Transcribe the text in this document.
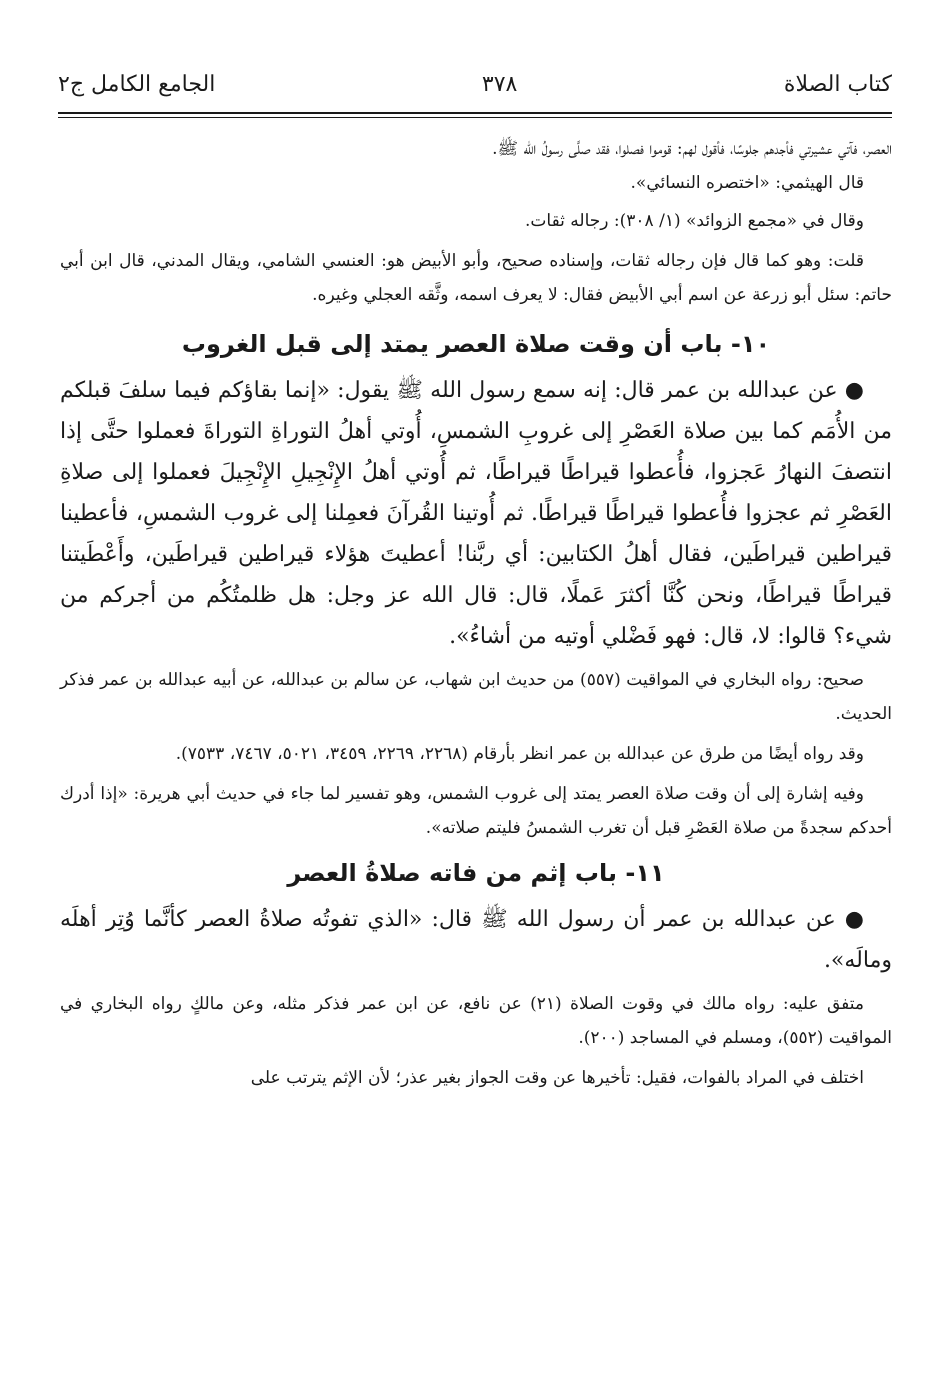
كتاب الصلاة
٣٧٨
الجامع الكامل ج٢

العصر، فآتي عشيرتي فأجدهم جلوسًا، فأقول لهم: قوموا فصلوا، فقد صلَّى رسولُ الله ﷺ.

قال الهيثمي: «اختصره النسائي».

وقال في «مجمع الزوائد» (١/ ٣٠٨): رجاله ثقات.

قلت: وهو كما قال فإن رجاله ثقات، وإسناده صحيح، وأبو الأبيض هو: العنسي الشامي، ويقال المدني، قال ابن أبي حاتم: سئل أبو زرعة عن اسم أبي الأبيض فقال: لا يعرف اسمه، وثَّقه العجلي وغيره.

١٠- باب أن وقت صلاة العصر يمتد إلى قبل الغروب

● عن عبدالله بن عمر قال: إنه سمع رسول الله ﷺ يقول: «إنما بقاؤكم فيما سلفَ قبلكم من الأُمَم كما بين صلاة العَصْرِ إلى غروبِ الشمسِ، أُوتي أهلُ التوراةِ التوراةَ فعملوا حتَّى إذا انتصفَ النهارُ عَجزوا، فأُعطوا قيراطًا قيراطًا، ثم أُوتي أهلُ الإِنْجِيلِ الإِنْجِيلَ فعملوا إلى صلاةِ العَصْرِ ثم عجزوا فأُعطوا قيراطًا قيراطًا. ثم أُوتينا القُرآنَ فعمِلنا إلى غروب الشمسِ، فأعطينا قيراطين قيراطَين، فقال أهلُ الكتابين: أي ربَّنا! أعطيتَ هؤلاء قيراطين قيراطَين، وأَعْطَيتنا قيراطًا قيراطًا، ونحن كُنَّا أكثرَ عَملًا، قال: قال الله عز وجل: هل ظلمتُكُم من أجركم من شيء؟ قالوا: لا، قال: فهو فَضْلي أوتيه من أشاءُ».

صحيح: رواه البخاري في المواقيت (٥٥٧) من حديث ابن شهاب، عن سالم بن عبدالله، عن أبيه عبدالله بن عمر فذكر الحديث.

وقد رواه أيضًا من طرق عن عبدالله بن عمر انظر بأرقام (٢٢٦٨، ٢٢٦٩، ٣٤٥٩، ٥٠٢١، ٧٤٦٧، ٧٥٣٣).

وفيه إشارة إلى أن وقت صلاة العصر يمتد إلى غروب الشمس، وهو تفسير لما جاء في حديث أبي هريرة: «إذا أدرك أحدكم سجدةً من صلاة العَصْرِ قبل أن تغرب الشمسُ فليتم صلاته».

١١- باب إثم من فاته صلاةُ العصر

● عن عبدالله بن عمر أن رسول الله ﷺ قال: «الذي تفوتُه صلاةُ العصر كأنَّما وُتِر أهلَه ومالَه».

متفق عليه: رواه مالك في وقوت الصلاة (٢١) عن نافع، عن ابن عمر فذكر مثله، وعن مالكٍ رواه البخاري في المواقيت (٥٥٢)، ومسلم في المساجد (٢٠٠).

اختلف في المراد بالفوات، فقيل: تأخيرها عن وقت الجواز بغير عذر؛ لأن الإثم يترتب على
